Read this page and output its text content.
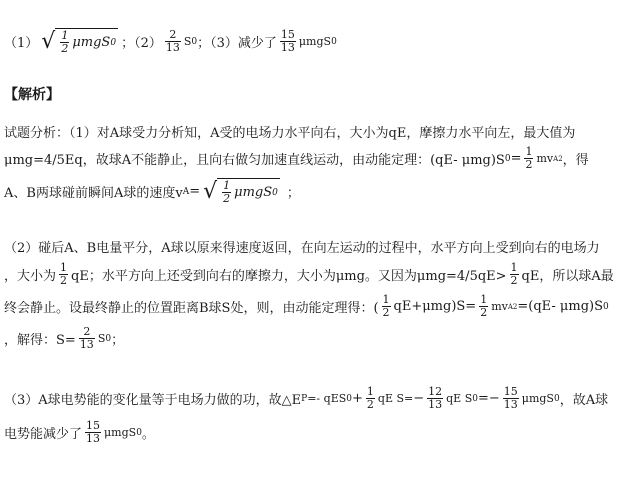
（1） √ $\frac{1}{2}$ μmgS 0 ；$(2) \frac{2}{13}$ S 0 ；（3）减少了 $\frac{15}{13}$ μmgS 0
【解析】
试题分析：（1）对A球受力分析知，A受的电场力水平向右，大小为qE，摩擦力水平向左，最大值为
μmg=4/5Eq，故球A不能静止，且向右做匀加速直线运动，由动能定理：(qE- μmg)S $0 = \frac{1}{2}$ mv A2 ，得
A、B两球碰前瞬间A球的速度v A = √ $\frac{1}{2}$ μmgS 0 ；
（2）碰后A、B电量平分，A球以原来得速度返回，在向左运动的过程中，水平方向上受到向右的电场力
，大小为 $\frac{1}{2}$ qE；水平方向上还受到向右的摩擦力，大小为μmg。又因为$\mu mg=4/5qE> \frac{1}{2}$ qE，所以球A最
终会静止。设最终静止的位置距离B球S处，则，由动能定理得：( $\frac{1}{2} qE+\mu mg)S= \frac{1}{2}$ mv A2 =(qE- μmg)S 0
，解得：$S= \frac{2}{13}$ S 0 ；
（3）A球电势能的变化量等于电场力做的功，故△E P =- qES $0 + \frac{1}{2}$ qE $S= - \frac{12}{13}$ qE S 0 = − $\frac{15}{13}$ μmgS 0 ，故A球
电势能减少了 $\frac{15}{13}$ μmgS 0 。
